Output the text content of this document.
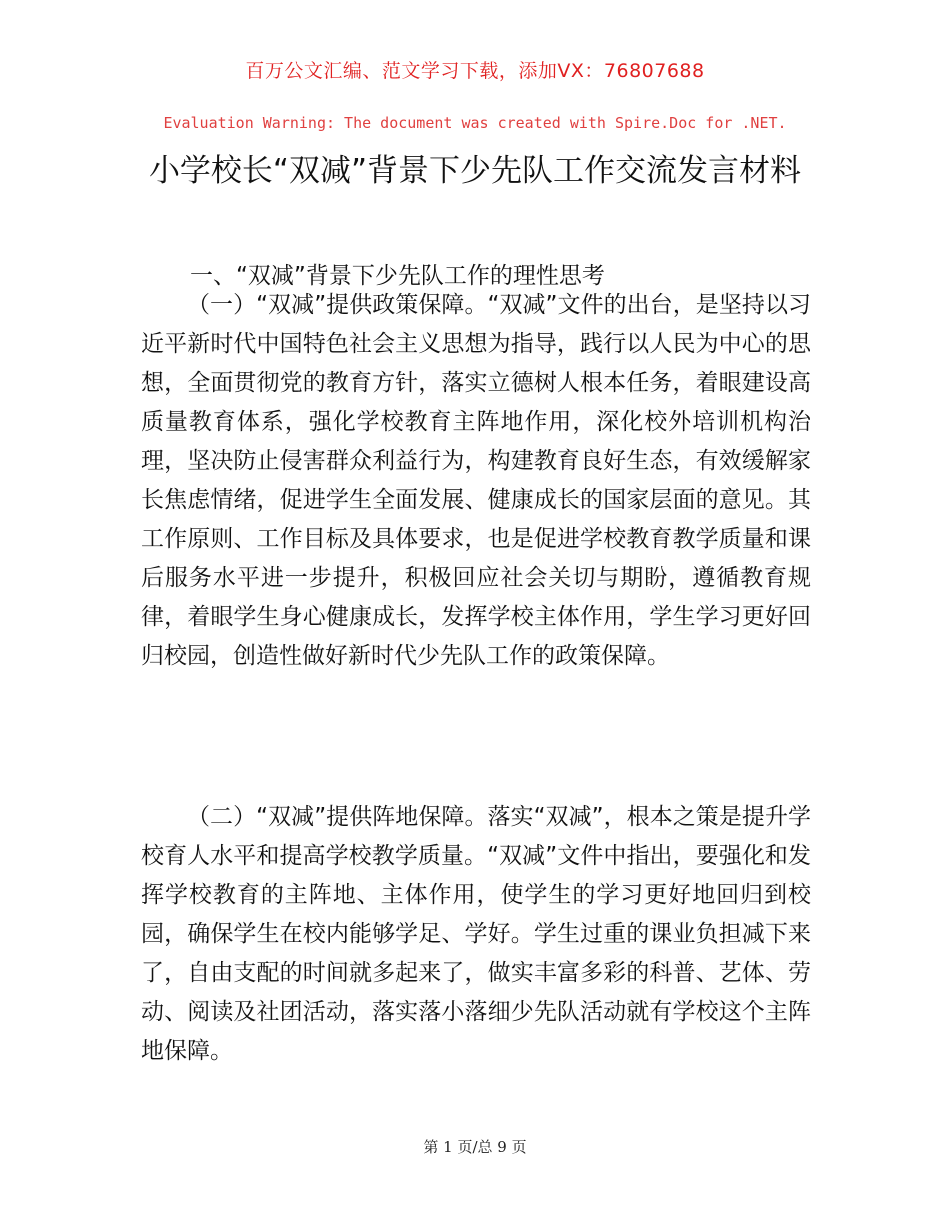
百万公文汇编、范文学习下载，添加VX：76807688
Evaluation Warning: The document was created with Spire.Doc for .NET.
小学校长“双减”背景下少先队工作交流发言材料
一、“双减”背景下少先队工作的理性思考

（一）“双减”提供政策保障。“双减”文件的出台，是坚持以习近平新时代中国特色社会主义思想为指导，践行以人民为中心的思想，全面贯彻党的教育方针，落实立德树人根本任务，着眼建设高质量教育体系，强化学校教育主阵地作用，深化校外培训机构治理，坚决防止侵害群众利益行为，构建教育良好生态，有效缓解家长焦虑情绪，促进学生全面发展、健康成长的国家层面的意见。其工作原则、工作目标及具体要求，也是促进学校教育教学质量和课后服务水平进一步提升，积极回应社会关切与期盼，遵循教育规律，着眼学生身心健康成长，发挥学校主体作用，学生学习更好回归校园，创造性做好新时代少先队工作的政策保障。

（二）“双减”提供阵地保障。落实“双减”，根本之策是提升学校育人水平和提高学校教学质量。“双减”文件中指出，要强化和发挥学校教育的主阵地、主体作用，使学生的学习更好地回归到校园，确保学生在校内能够学足、学好。学生过重的课业负担减下来了，自由支配的时间就多起来了，做实丰富多彩的科普、艺体、劳动、阅读及社团活动，落实落小落细少先队活动就有学校这个主阵地保障。

第 1 页/总 9 页
